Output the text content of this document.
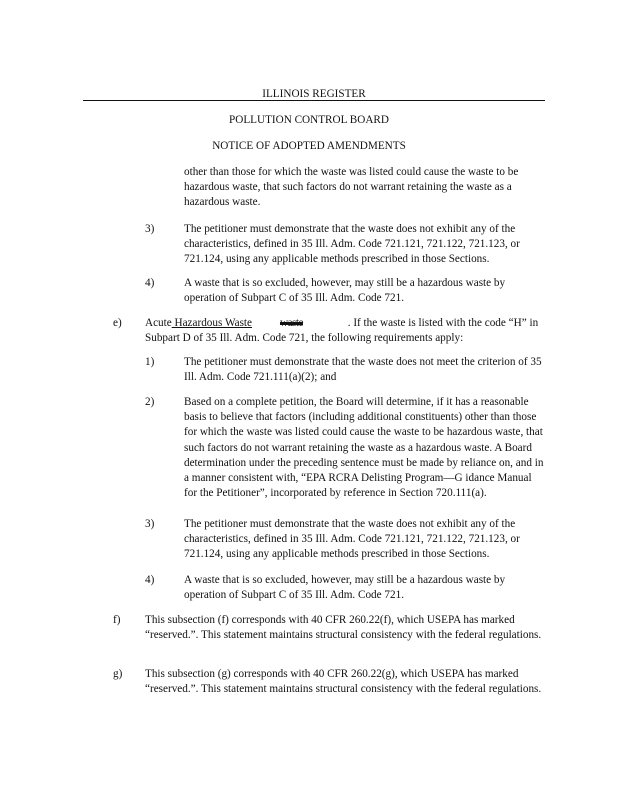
ILLINOIS REGISTER
POLLUTION CONTROL BOARD
NOTICE OF ADOPTED AMENDMENTS
other than those for which the waste was listed could cause the waste to be hazardous waste, that such factors do not warrant retaining the waste as a hazardous waste.
3)	The petitioner must demonstrate that the waste does not exhibit any of the characteristics, defined in 35 Ill. Adm. Code 721.121, 721.122, 721.123, or 721.124, using any applicable methods prescribed in those Sections.
4)	A waste that is so excluded, however, may still be a hazardous waste by operation of Subpart C of 35 Ill. Adm. Code 721.
e) Acute Hazardous Waste waste	. If the waste is listed with the code “H” in Subpart D of 35 Ill. Adm. Code 721, the following requirements apply:
1)	The petitioner must demonstrate that the waste does not meet the criterion of 35 Ill. Adm. Code 721.111(a)(2); and
2)	Based on a complete petition, the Board will determine, if it has a reasonable basis to believe that factors (including additional constituents) other than those for which the waste was listed could cause the waste to be hazardous waste, that such factors do not warrant retaining the waste as a hazardous waste. A Board determination under the preceding sentence must be made by reliance on, and in a manner consistent with, “EPA RCRA Delisting Program—G idance Manual for the Petitioner”, incorporated by reference in Section 720.111(a).
3)	The petitioner must demonstrate that the waste does not exhibit any of the characteristics, defined in 35 Ill. Adm. Code 721.121, 721.122, 721.123, or 721.124, using any applicable methods prescribed in those Sections.
4)	A waste that is so excluded, however, may still be a hazardous waste by operation of Subpart C of 35 Ill. Adm. Code 721.
f) This subsection (f) corresponds with 40 CFR 260.22(f), which USEPA has marked “reserved.”. This statement maintains structural consistency with the federal regulations.
g) This subsection (g) corresponds with 40 CFR 260.22(g), which USEPA has marked “reserved.”. This statement maintains structural consistency with the federal regulations.
